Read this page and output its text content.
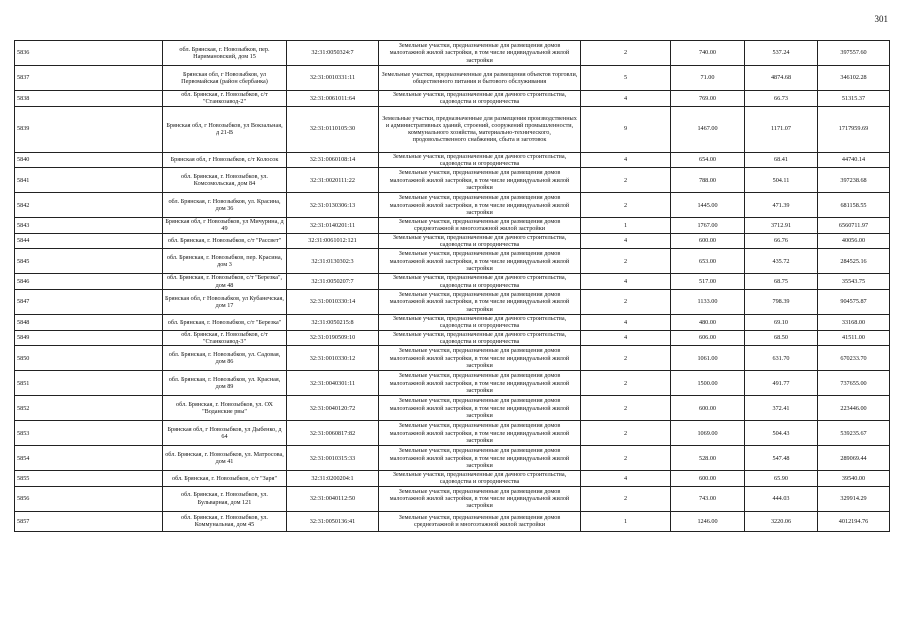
301
5836	обл. Брянская, г. Новозыбков, пер. Наримановский, дом 15	32:31:0050324:7	Земельные участки, предназначенные для размещения домов малоэтажной жилой застройки, в том числе индивидуальной жилой застройки	2	740.00	537.24	397557.60
5837	Брянская обл, г Новозыбков, ул Первомайская (район сбербанка)	32:31:0010331:11	Земельные участки, предназначенные для размещения объектов торговли, общественного питания и бытового обслуживания	5	71.00	4874.68	346102.28
5838	обл. Брянская, г. Новозыбков, с/т "Станкозавод-2"	32:31:0061011:64	Земельные участки, предназначенные для дачного строительства, садоводства и огородничества	4	769.00	66.73	51315.37
5839	Брянская обл, г Новозыбков, ул Вокзальная, д 21-В	32:31:0110105:30	Земельные участки, предназначенные для размещения производственных и административных зданий, строений, сооружений промышленности, коммунального хозяйства, материально-технического, продовольственного снабжения, сбыта и заготовок	9	1467.00	1171.07	1717959.69
5840	Брянская обл, г Новозыбков, с/т Колосок	32:31:0060108:14	Земельные участки, предназначенные для дачного строительства, садоводства и огородничества	4	654.00	68.41	44740.14
5841	обл. Брянская, г. Новозыбков, ул. Комсомольская, дом 84	32:31:0020111:22	Земельные участки, предназначенные для размещения домов малоэтажной жилой застройки, в том числе индивидуальной жилой застройки	2	788.00	504.11	397238.68
5842	обл. Брянская, г. Новозыбков, ул. Красина, дом 36	32:31:0130306:13	Земельные участки, предназначенные для размещения домов малоэтажной жилой застройки, в том числе индивидуальной жилой застройки	2	1445.00	471.39	681158.55
5843	Брянская обл, г Новозыбков, ул Мичурина, д 49	32:31:0140201:11	Земельные участки, предназначенные для размещения домов среднеэтажной и многоэтажной жилой застройки	1	1767.00	3712.91	6560711.97
5844	обл. Брянская, г. Новозыбков, с/т "Рассвет"	32:31:0061012:121	Земельные участки, предназначенные для дачного строительства, садоводства и огородничества	4	600.00	66.76	40056.00
5845	обл. Брянская, г. Новозыбков, пер. Красина, дом 3	32:31:0130302:3	Земельные участки, предназначенные для размещения домов малоэтажной жилой застройки, в том числе индивидуальной жилой застройки	2	653.00	435.72	284525.16
5846	обл. Брянская, г. Новозыбков, с/т "Березка", дом 48	32:31:0050207:7	Земельные участки, предназначенные для дачного строительства, садоводства и огородничества	4	517.00	68.75	35543.75
5847	Брянская обл, г Новозыбков, ул Кубанечская, дом 17	32:31:0010330:14	Земельные участки, предназначенные для размещения домов малоэтажной жилой застройки, в том числе индивидуальной жилой застройки	2	1133.00	798.39	904575.87
5848	обл. Брянская, г. Новозыбков, с/т "Березка"	32:31:0050215:8	Земельные участки, предназначенные для дачного строительства, садоводства и огородничества	4	480.00	69.10	33168.00
5849	обл. Брянская, г. Новозыбков, с/т "Станкозавод-3"	32:31:0190509:10	Земельные участки, предназначенные для дачного строительства, садоводства и огородничества	4	606.00	68.50	41511.00
5850	обл. Брянская, г. Новозыбков, ул. Садовая, дом 86	32:31:0010330:12	Земельные участки, предназначенные для размещения домов малоэтажной жилой застройки, в том числе индивидуальной жилой застройки	2	1061.00	631.70	670233.70
5851	обл. Брянская, г. Новозыбков, ул. Красная, дом 89	32:31:0040301:11	Земельные участки, предназначенные для размещения домов малоэтажной жилой застройки, в том числе индивидуальной жилой застройки	2	1500.00	491.77	737655.00
5852	обл. Брянская, г. Новозыбков, ул. ОХ "Воданские рвы"	32:31:0040120:72	Земельные участки, предназначенные для размещения домов малоэтажной жилой застройки, в том числе индивидуальной жилой застройки	2	600.00	372.41	223446.00
5853	Брянская обл, г Новозыбков, ул Дыбенко, д 64	32:31:0060817:82	Земельные участки, предназначенные для размещения домов малоэтажной жилой застройки, в том числе индивидуальной жилой застройки	2	1069.00	504.43	539235.67
5854	обл. Брянская, г. Новозыбков, ул. Матросова, дом 41	32:31:0010315:33	Земельные участки, предназначенные для размещения домов малоэтажной жилой застройки, в том числе индивидуальной жилой застройки	2	528.00	547.48	289069.44
5855	обл. Брянская, г. Новозыбков, с/т "Заря"	32:31:0200204:1	Земельные участки, предназначенные для дачного строительства, садоводства и огородничества	4	600.00	65.90	39540.00
5856	обл. Брянская, г. Новозыбков, ул. Бульварная, дом 121	32:31:0040112:50	Земельные участки, предназначенные для размещения домов малоэтажной жилой застройки, в том числе индивидуальной жилой застройки	2	743.00	444.03	329914.29
5857	обл. Брянская, г. Новозыбков, ул. Коммунальная, дом 45	32:31:0050136:41	Земельные участки, предназначенные для размещения домов среднеэтажной и многоэтажной жилой застройки	1	1246.00	3220.06	4012194.76
